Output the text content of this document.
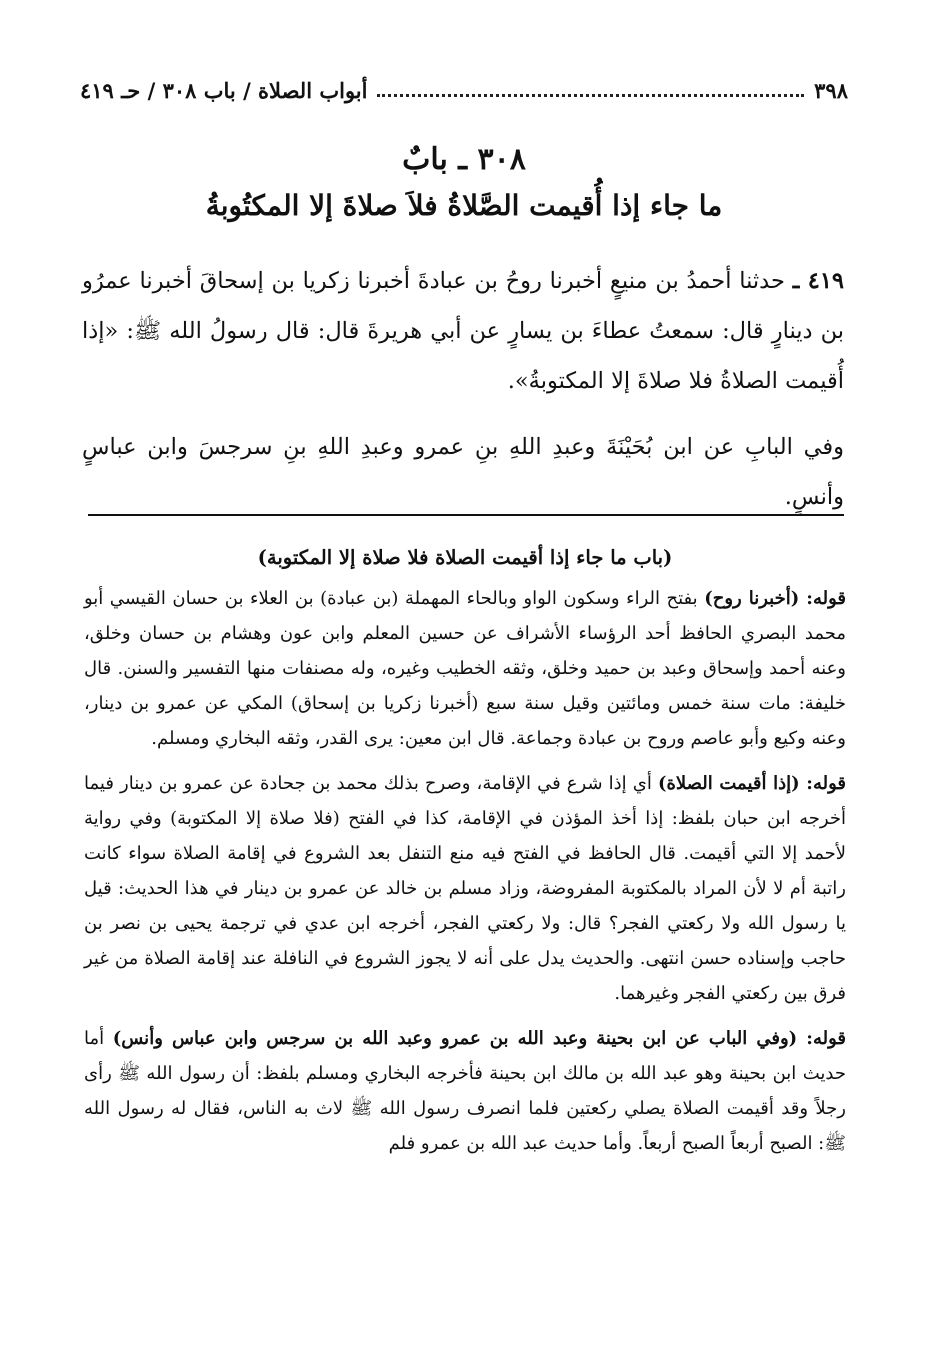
٣٩٨
أبواب الصلاة / باب ٣٠٨ / حـ ٤١٩
٣٠٨ ـ بابٌ
ما جاء إذا أُقيمت الصَّلاةُ فلاَ صلاةَ إلا المكتُوبةُ

٤١٩ ـ حدثنا أحمدُ بن منيعٍ أخبرنا روحُ بن عبادةَ أخبرنا زكريا بن إسحاقَ أخبرنا عمرُو بن دينارٍ قال: سمعتُ عطاءَ بن يسارٍ عن أبي هريرةَ قال: قال رسولُ الله ﷺ: «إذا أُقيمت الصلاةُ فلا صلاةَ إلا المكتوبةُ».

وفي البابِ عن ابن بُحَيْنَةَ وعبدِ اللهِ بنِ عمرو وعبدِ اللهِ بنِ سرجسَ وابن عباسٍ وأنسٍ.

(باب ما جاء إذا أقيمت الصلاة فلا صلاة إلا المكتوبة)

قوله: (أخبرنا روح) بفتح الراء وسكون الواو وبالحاء المهملة (بن عبادة) بن العلاء بن حسان القيسي أبو محمد البصري الحافظ أحد الرؤساء الأشراف عن حسين المعلم وابن عون وهشام بن حسان وخلق، وعنه أحمد وإسحاق وعبد بن حميد وخلق، وثقه الخطيب وغيره، وله مصنفات منها التفسير والسنن. قال خليفة: مات سنة خمس ومائتين وقيل سنة سبع (أخبرنا زكريا بن إسحاق) المكي عن عمرو بن دينار، وعنه وكيع وأبو عاصم وروح بن عبادة وجماعة. قال ابن معين: يرى القدر، وثقه البخاري ومسلم.

قوله: (إذا أقيمت الصلاة) أي إذا شرع في الإقامة، وصرح بذلك محمد بن جحادة عن عمرو بن دينار فيما أخرجه ابن حبان بلفظ: إذا أخذ المؤذن في الإقامة، كذا في الفتح (فلا صلاة إلا المكتوبة) وفي رواية لأحمد إلا التي أقيمت. قال الحافظ في الفتح فيه منع التنفل بعد الشروع في إقامة الصلاة سواء كانت راتبة أم لا لأن المراد بالمكتوبة المفروضة، وزاد مسلم بن خالد عن عمرو بن دينار في هذا الحديث: قيل يا رسول الله ولا ركعتي الفجر؟ قال: ولا ركعتي الفجر، أخرجه ابن عدي في ترجمة يحيى بن نصر بن حاجب وإسناده حسن انتهى. والحديث يدل على أنه لا يجوز الشروع في النافلة عند إقامة الصلاة من غير فرق بين ركعتي الفجر وغيرهما.

قوله: (وفي الباب عن ابن بحينة وعبد الله بن عمرو وعبد الله بن سرجس وابن عباس وأنس) أما حديث ابن بحينة وهو عبد الله بن مالك ابن بحينة فأخرجه البخاري ومسلم بلفظ: أن رسول الله ﷺ رأى رجلاً وقد أقيمت الصلاة يصلي ركعتين فلما انصرف رسول الله ﷺ لاث به الناس، فقال له رسول الله ﷺ: الصبح أربعاً الصبح أربعاً. وأما حديث عبد الله بن عمرو فلم
